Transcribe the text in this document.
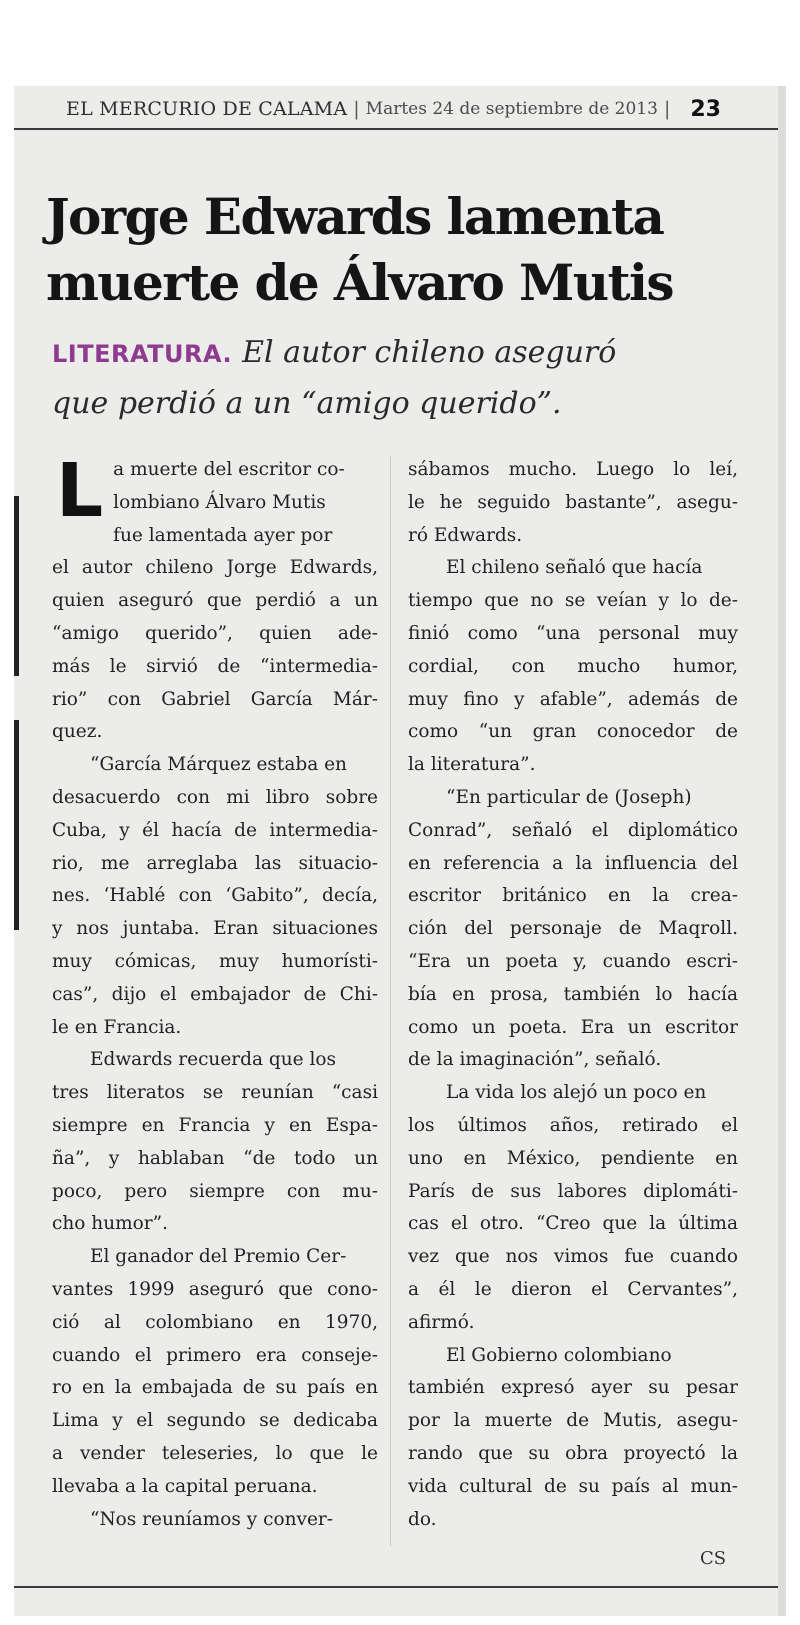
EL MERCURIO DE CALAMA | Martes 24 de septiembre de 2013 | 23
Jorge Edwards lamenta
muerte de Álvaro Mutis
LITERATURA. El autor chileno aseguró
que perdió a un “amigo querido”.

L a muerte del escritor co-
lombiano Álvaro Mutis
fue lamentada ayer por
el autor chileno Jorge Edwards,
quien aseguró que perdió a un
“amigo querido”, quien ade-
más le sirvió de “intermedia-
rio” con Gabriel García Már-
quez.

“García Márquez estaba en
desacuerdo con mi libro sobre
Cuba, y él hacía de intermedia-
rio, me arreglaba las situacio-
nes. ‘Hablé con ‘Gabito”, decía,
y nos juntaba. Eran situaciones
muy cómicas, muy humorísti-
cas”, dijo el embajador de Chi-
le en Francia.

Edwards recuerda que los
tres literatos se reunían “casi
siempre en Francia y en Espa-
ña”, y hablaban “de todo un
poco, pero siempre con mu-
cho humor”.

El ganador del Premio Cer-
vantes 1999 aseguró que cono-
ció al colombiano en 1970,
cuando el primero era conseje-
ro en la embajada de su país en
Lima y el segundo se dedicaba
a vender teleseries, lo que le
llevaba a la capital peruana.

“Nos reuníamos y conver-

sábamos mucho. Luego lo leí,
le he seguido bastante”, asegu-
ró Edwards.

El chileno señaló que hacía
tiempo que no se veían y lo de-
finió como “una personal muy
cordial, con mucho humor,
muy fino y afable”, además de
como “un gran conocedor de
la literatura”.

“En particular de (Joseph)
Conrad”, señaló el diplomático
en referencia a la influencia del
escritor británico en la crea-
ción del personaje de Maqroll.
“Era un poeta y, cuando escri-
bía en prosa, también lo hacía
como un poeta. Era un escritor
de la imaginación”, señaló.

La vida los alejó un poco en
los últimos años, retirado el
uno en México, pendiente en
París de sus labores diplomáti-
cas el otro. “Creo que la última
vez que nos vimos fue cuando
a él le dieron el Cervantes”,
afirmó.

El Gobierno colombiano
también expresó ayer su pesar
por la muerte de Mutis, asegu-
rando que su obra proyectó la
vida cultural de su país al mun-
do.

CS
